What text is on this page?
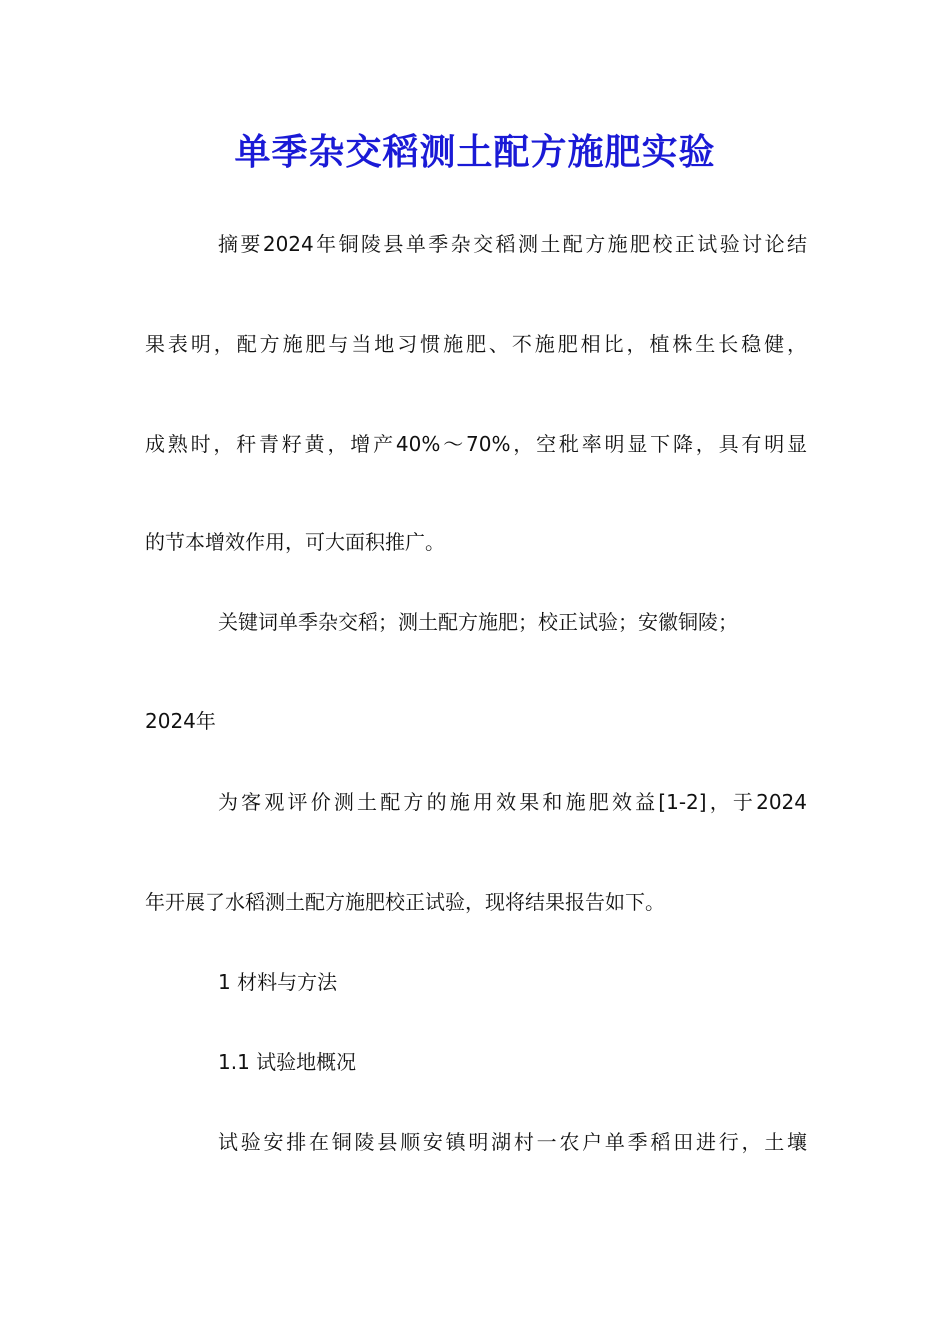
单季杂交稻测土配方施肥实验
摘要2024年铜陵县单季杂交稻测土配方施肥校正试验讨论结
果表明，配方施肥与当地习惯施肥、不施肥相比，植株生长稳健，
成熟时，秆青籽黄，增产40%～70%，空秕率明显下降，具有明显
的节本增效作用，可大面积推广。
关键词单季杂交稻；测土配方施肥；校正试验；安徽铜陵；
2024年
为客观评价测土配方的施用效果和施肥效益[1-2]，于2024
年开展了水稻测土配方施肥校正试验，现将结果报告如下。
1 材料与方法
1.1 试验地概况
试验安排在铜陵县顺安镇明湖村一农户单季稻田进行，土壤
